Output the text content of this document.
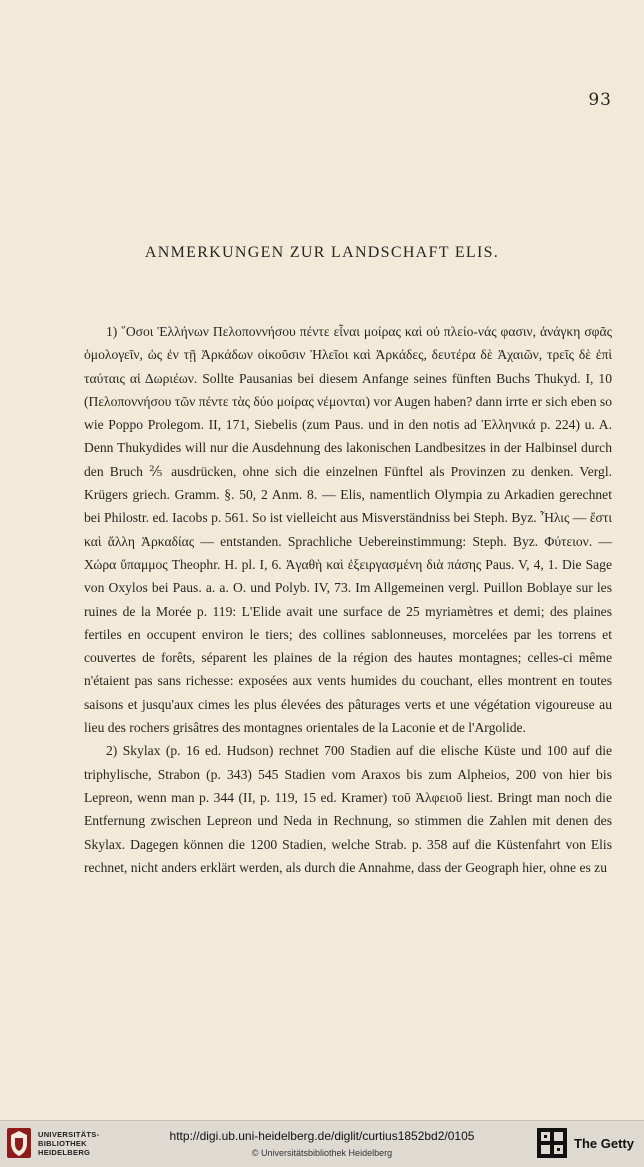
93
ANMERKUNGEN ZUR LANDSCHAFT ELIS.

1) ῞Οσοι Ἑλλήνων Πελοποννήσου πέντε εἶναι μοίρας καὶ οὐ πλείο-νάς φασιν, ἀνάγκη σφᾶς ὁμολογεῖν, ὡς ἐν τῇ Ἀρκάδων οἰκοῦσιν Ἠλεῖοι καὶ Ἀρκάδες, δευτέρα δὲ Ἀχαιῶν, τρεῖς δὲ ἐπὶ ταύταις αἱ Δωριέων. Sollte Pausanias bei diesem Anfange seines fünften Buchs Thukyd. I, 10 (Πελοποννήσου τῶν πέντε τὰς δύο μοίρας νέμονται) vor Augen haben? dann irrte er sich eben so wie Poppo Prolegom. II, 171, Siebelis (zum Paus. und in den notis ad Ἑλληνικά p. 224) u. A. Denn Thukydides will nur die Ausdehnung des lakonischen Landbesitzes in der Halbinsel durch den Bruch ⅖ ausdrücken, ohne sich die einzelnen Fünftel als Provinzen zu denken. Vergl. Krügers griech. Gramm. §. 50, 2 Anm. 8. — Elis, namentlich Olympia zu Arkadien gerechnet bei Philostr. ed. Iacobs p. 561. So ist vielleicht aus Misverständniss bei Steph. Byz. Ἦλις — ἔστι καὶ ἄλλη Ἀρκαδίας — entstanden. Sprachliche Uebereinstimmung: Steph. Byz. Φύτειον. — Χώρα ὕπαμμος Theophr. H. pl. I, 6. Ἀγαθὴ καὶ ἐξειργασμένη διὰ πάσης Paus. V, 4, 1. Die Sage von Oxylos bei Paus. a. a. O. und Polyb. IV, 73. Im Allgemeinen vergl. Puillon Boblaye sur les ruines de la Morée p. 119: L'Elide avait une surface de 25 myriamètres et demi; des plaines fertiles en occupent environ le tiers; des collines sablonneuses, morcelées par les torrens et couvertes de forêts, séparent les plaines de la région des hautes montagnes; celles-ci même n'étaient pas sans richesse: exposées aux vents humides du couchant, elles montrent en toutes saisons et jusqu'aux cimes les plus élevées des pâturages verts et une végétation vigoureuse au lieu des rochers grisâtres des montagnes orientales de la Laconie et de l'Argolide.

2) Skylax (p. 16 ed. Hudson) rechnet 700 Stadien auf die elische Küste und 100 auf die triphylische, Strabon (p. 343) 545 Stadien vom Araxos bis zum Alpheios, 200 von hier bis Lepreon, wenn man p. 344 (II, p. 119, 15 ed. Kramer) τοῦ Ἀλφειοῦ liest. Bringt man noch die Entfernung zwischen Lepreon und Neda in Rechnung, so stimmen die Zahlen mit denen des Skylax. Dagegen können die 1200 Stadien, welche Strab. p. 358 auf die Küstenfahrt von Elis rechnet, nicht anders erklärt werden, als durch die Annahme, dass der Geograph hier, ohne es zu

UNIVERSITÄTS-
BIBLIOTHEK
HEIDELBERG
http://digi.ub.uni-heidelberg.de/diglit/curtius1852bd2/0105
© Universitätsbibliothek Heidelberg
The Getty
